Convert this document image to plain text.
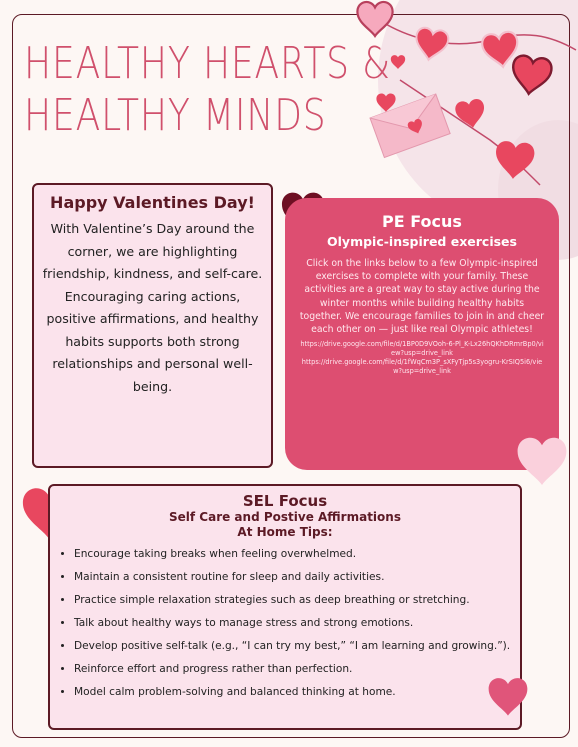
HEALTHY HEARTS &
HEALTHY MINDS

Happy Valentines Day!

With Valentine’s Day around the corner, we are highlighting friendship, kindness, and self-care. Encouraging caring actions, positive affirmations, and healthy habits supports both strong relationships and personal well-being.

PE Focus

Olympic-inspired exercises

Click on the links below to a few Olympic-inspired exercises to complete with your family. These activities are a great way to stay active during the winter months while building healthy habits together. We encourage families to join in and cheer each other on — just like real Olympic athletes!

https://drive.google.com/file/d/1BP0D9VOoh-6-Pl_K-Lx26hQKhDRmrBp0/view?usp=drive_link

https://drive.google.com/file/d/1fWqCm3P_sXFyTjp5s3yogru-KrSIQ5i6/view?usp=drive_link

SEL Focus

Self Care and Postive Affirmations

At Home Tips:

• Encourage taking breaks when feeling overwhelmed.
• Maintain a consistent routine for sleep and daily activities.
• Practice simple relaxation strategies such as deep breathing or stretching.
• Talk about healthy ways to manage stress and strong emotions.
• Develop positive self-talk (e.g., “I can try my best,” “I am learning and growing.”).
• Reinforce effort and progress rather than perfection.
• Model calm problem-solving and balanced thinking at home.
